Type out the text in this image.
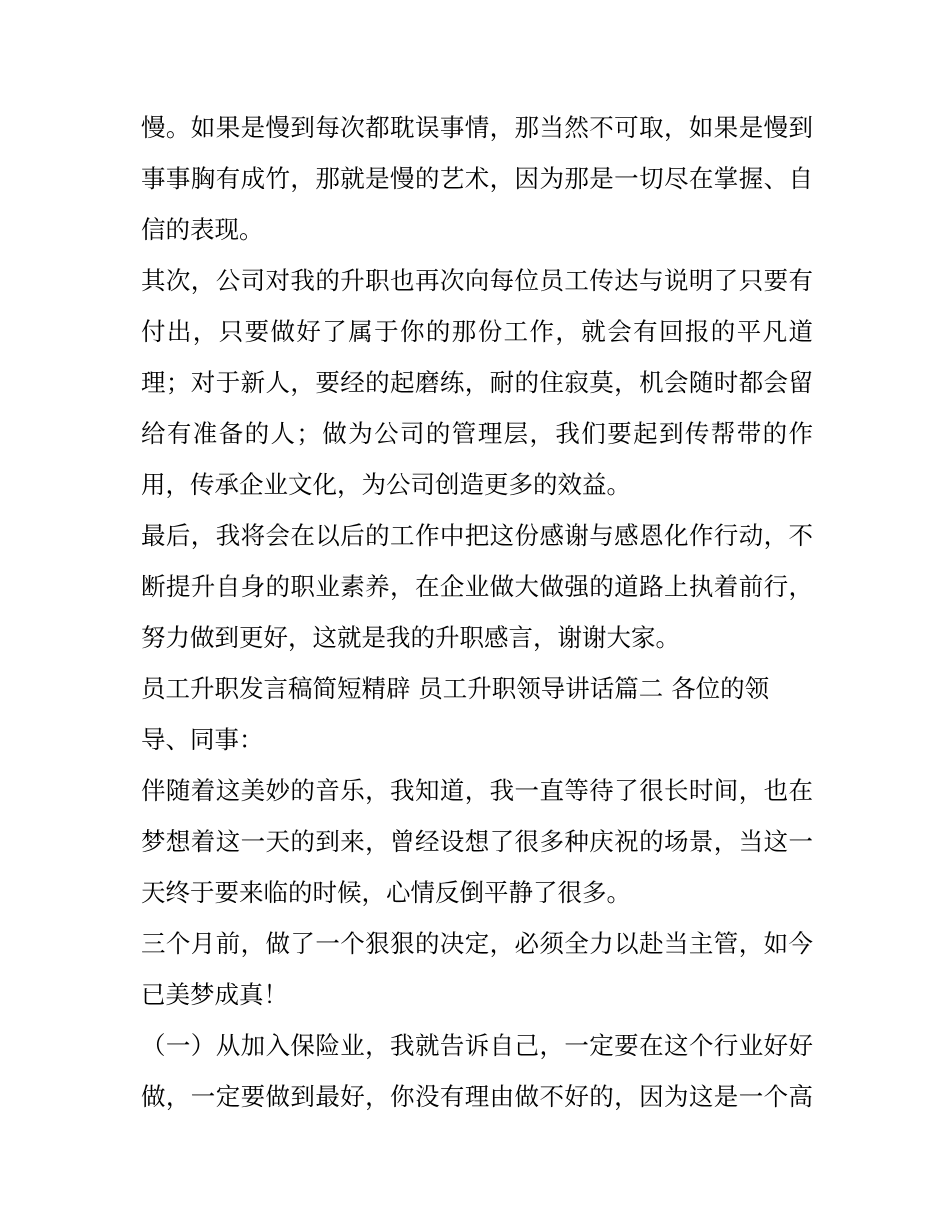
慢。如果是慢到每次都耽误事情，那当然不可取，如果是慢到
事事胸有成竹，那就是慢的艺术，因为那是一切尽在掌握、自
信的表现。
其次，公司对我的升职也再次向每位员工传达与说明了只要有
付出，只要做好了属于你的那份工作，就会有回报的平凡道
理；对于新人，要经的起磨练，耐的住寂莫，机会随时都会留
给有准备的人；做为公司的管理层，我们要起到传帮带的作
用，传承企业文化，为公司创造更多的效益。
最后，我将会在以后的工作中把这份感谢与感恩化作行动，不
断提升自身的职业素养，在企业做大做强的道路上执着前行，
努力做到更好，这就是我的升职感言，谢谢大家。
员工升职发言稿简短精辟 员工升职领导讲话篇二 各位的领
导、同事：
伴随着这美妙的音乐，我知道，我一直等待了很长时间，也在
梦想着这一天的到来，曾经设想了很多种庆祝的场景，当这一
天终于要来临的时候，心情反倒平静了很多。
三个月前，做了一个狠狠的决定，必须全力以赴当主管，如今
已美梦成真！
（一）从加入保险业，我就告诉自己，一定要在这个行业好好
做，一定要做到最好，你没有理由做不好的，因为这是一个高
